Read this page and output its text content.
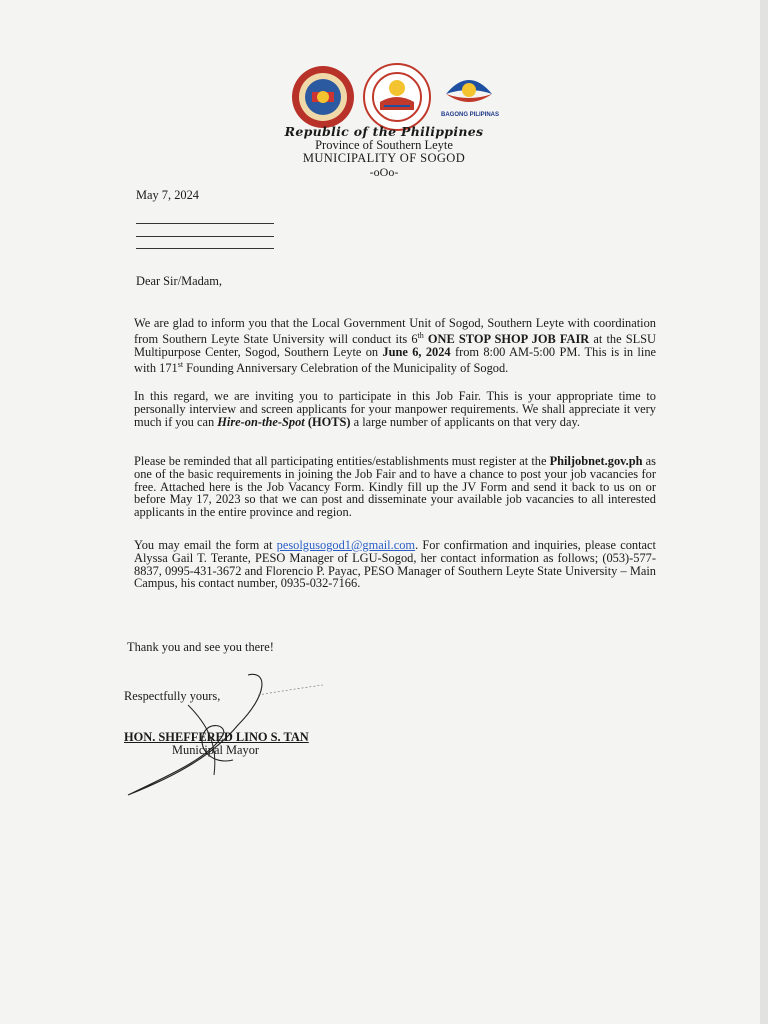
BAGONG PILIPINAS
Republic of the Philippines
Province of Southern Leyte
MUNICIPALITY OF SOGOD
-oOo-
May 7, 2024
Dear Sir/Madam,
We are glad to inform you that the Local Government Unit of Sogod, Southern Leyte with coordination from Southern Leyte State University will conduct its 6th ONE STOP SHOP JOB FAIR at the SLSU Multipurpose Center, Sogod, Southern Leyte on June 6, 2024 from 8:00 AM-5:00 PM. This is in line with 171st Founding Anniversary Celebration of the Municipality of Sogod.
In this regard, we are inviting you to participate in this Job Fair. This is your appropriate time to personally interview and screen applicants for your manpower requirements. We shall appreciate it very much if you can Hire-on-the-Spot (HOTS) a large number of applicants on that very day.
Please be reminded that all participating entities/establishments must register at the Philjobnet.gov.ph as one of the basic requirements in joining the Job Fair and to have a chance to post your job vacancies for free. Attached here is the Job Vacancy Form. Kindly fill up the JV Form and send it back to us on or before May 17, 2023 so that we can post and disseminate your available job vacancies to all interested applicants in the entire province and region.
You may email the form at pesolgusogod1@gmail.com. For confirmation and inquiries, please contact Alyssa Gail T. Terante, PESO Manager of LGU-Sogod, her contact information as follows; (053)-577-8837, 0995-431-3672 and Florencio P. Payac, PESO Manager of Southern Leyte State University – Main Campus, his contact number, 0935-032-7166.
Thank you and see you there!
Respectfully yours,
HON. SHEFFERED LINO S. TAN
Municipal Mayor
